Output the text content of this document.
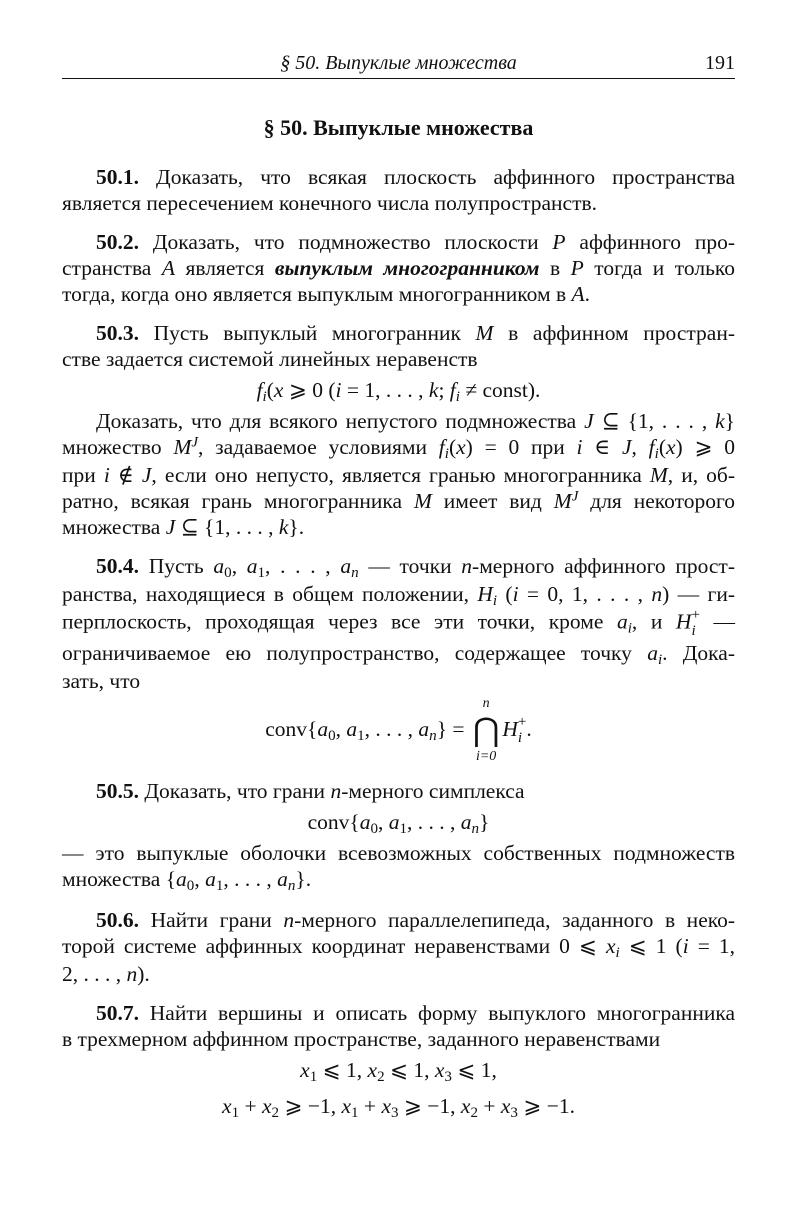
§ 50. Выпуклые множества	191
§ 50. Выпуклые множества
50.1. Доказать, что всякая плоскость аффинного пространства
является пересечением конечного числа полупространств.
50.2. Доказать, что подмножество плоскости P аффинного про-
странства A является выпуклым многогранником в P тогда и только
тогда, когда оно является выпуклым многогранником в A.
50.3. Пусть выпуклый многогранник M в аффинном простран-
стве задается системой линейных неравенств
fi(x ⩾ 0 (i = 1, . . . , k; fi ≠ const).
Доказать, что для всякого непустого подмножества J ⊆ {1, . . . , k}
множество $M^J$, задаваемое условиями fi(x) = 0 при i ∈ J, fi(x) ⩾ 0
при i ∉ J, если оно непусто, является гранью многогранника M, и, об-
ратно, всякая грань многогранника M имеет вид $M^J$ для некоторого
множества J ⊆ {1, . . . , k}.
50.4. Пусть a0, a1, . . . , an — точки n-мерного аффинного прост-
ранства, находящиеся в общем положении, Hi (i = 0, 1, . . . , n) — ги-
перплоскость, проходящая через все эти точки, кроме ai, и H +
i —
ограничиваемое ею полупространство, содержащее точку ai. Дока-
зать, что
conv{a0, a1, . . . , an} =
n
⋂
i=0
H +
i .
50.5. Доказать, что грани n-мерного симплекса
conv{a0, a1, . . . , an}
— это выпуклые оболочки всевозможных собственных подмножеств
множества {a0, a1, . . . , an}.
50.6. Найти грани n-мерного параллелепипеда, заданного в неко-
торой системе аффинных координат неравенствами 0 ⩽ xi ⩽ 1 (i = 1,
2, . . . , n).
50.7. Найти вершины и описать форму выпуклого многогранника
в трехмерном аффинном пространстве, заданного неравенствами
x1 ⩽ 1, x2 ⩽ 1, x3 ⩽ 1,
x1 + x2 ⩾ −1, x1 + x3 ⩾ −1, x2 + x3 ⩾ −1.
